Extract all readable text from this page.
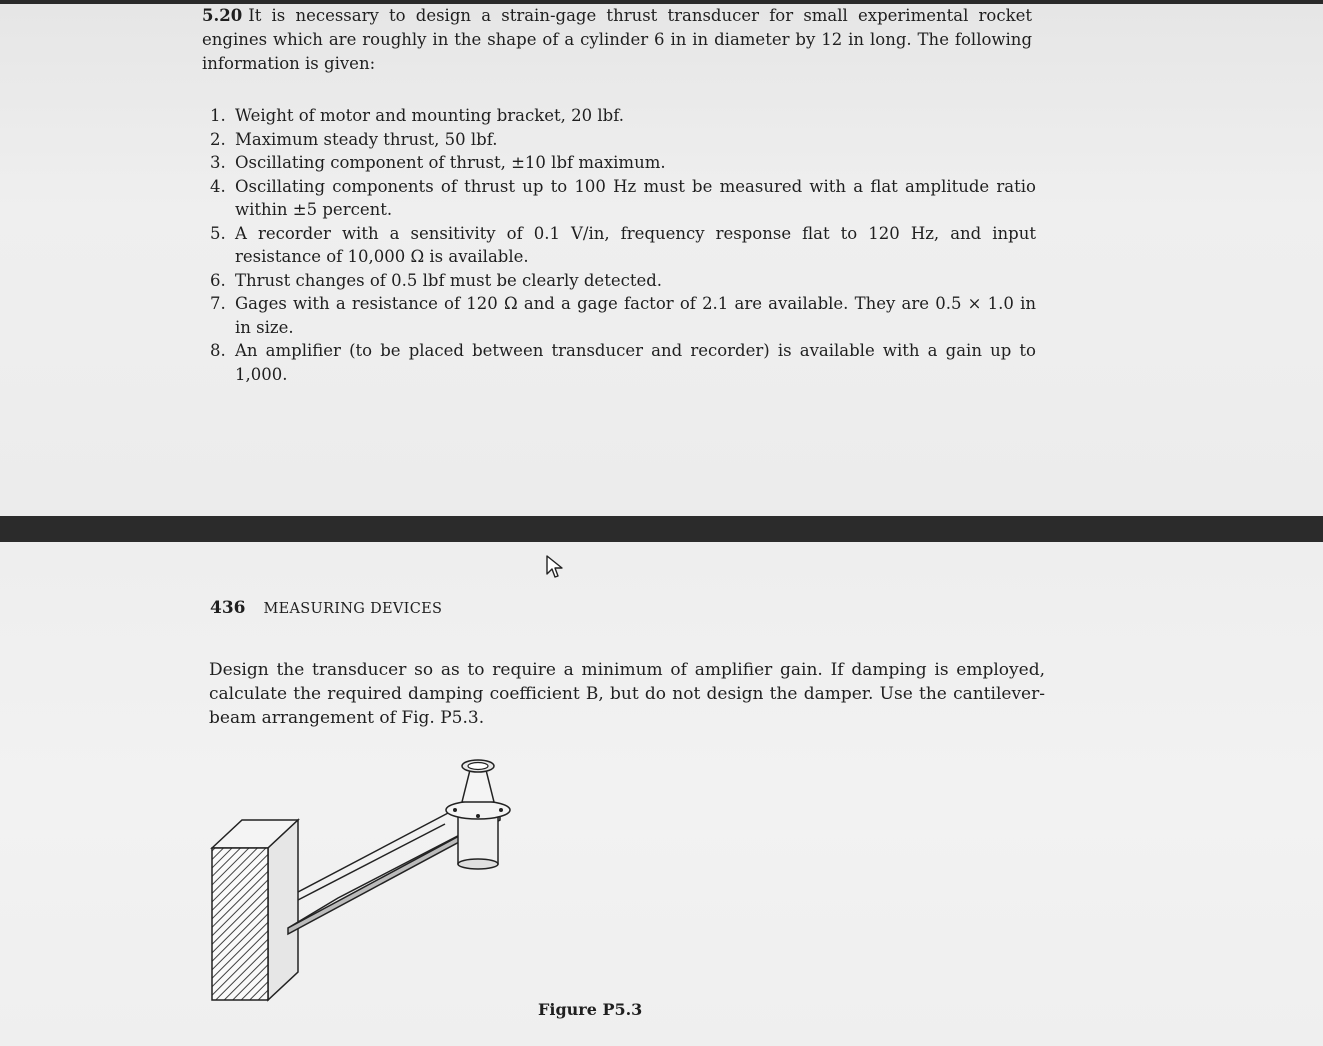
5.20 It is necessary to design a strain-gage thrust transducer for small experimental rocket engines which are roughly in the shape of a cylinder 6 in in diameter by 12 in long. The following information is given:
1. Weight of motor and mounting bracket, 20 lbf.
2. Maximum steady thrust, 50 lbf.
3. Oscillating component of thrust, ±10 lbf maximum.
4. Oscillating components of thrust up to 100 Hz must be measured with a flat amplitude ratio within ±5 percent.
5. A recorder with a sensitivity of 0.1 V/in, frequency response flat to 120 Hz, and input resistance of 10,000 Ω is available.
6. Thrust changes of 0.5 lbf must be clearly detected.
7. Gages with a resistance of 120 Ω and a gage factor of 2.1 are available. They are 0.5 × 1.0 in in size.
8. An amplifier (to be placed between transducer and recorder) is available with a gain up to 1,000.
436 MEASURING DEVICES
Design the transducer so as to require a minimum of amplifier gain. If damping is employed, calculate the required damping coefficient B, but do not design the damper. Use the cantilever-beam arrangement of Fig. P5.3.
Figure P5.3
